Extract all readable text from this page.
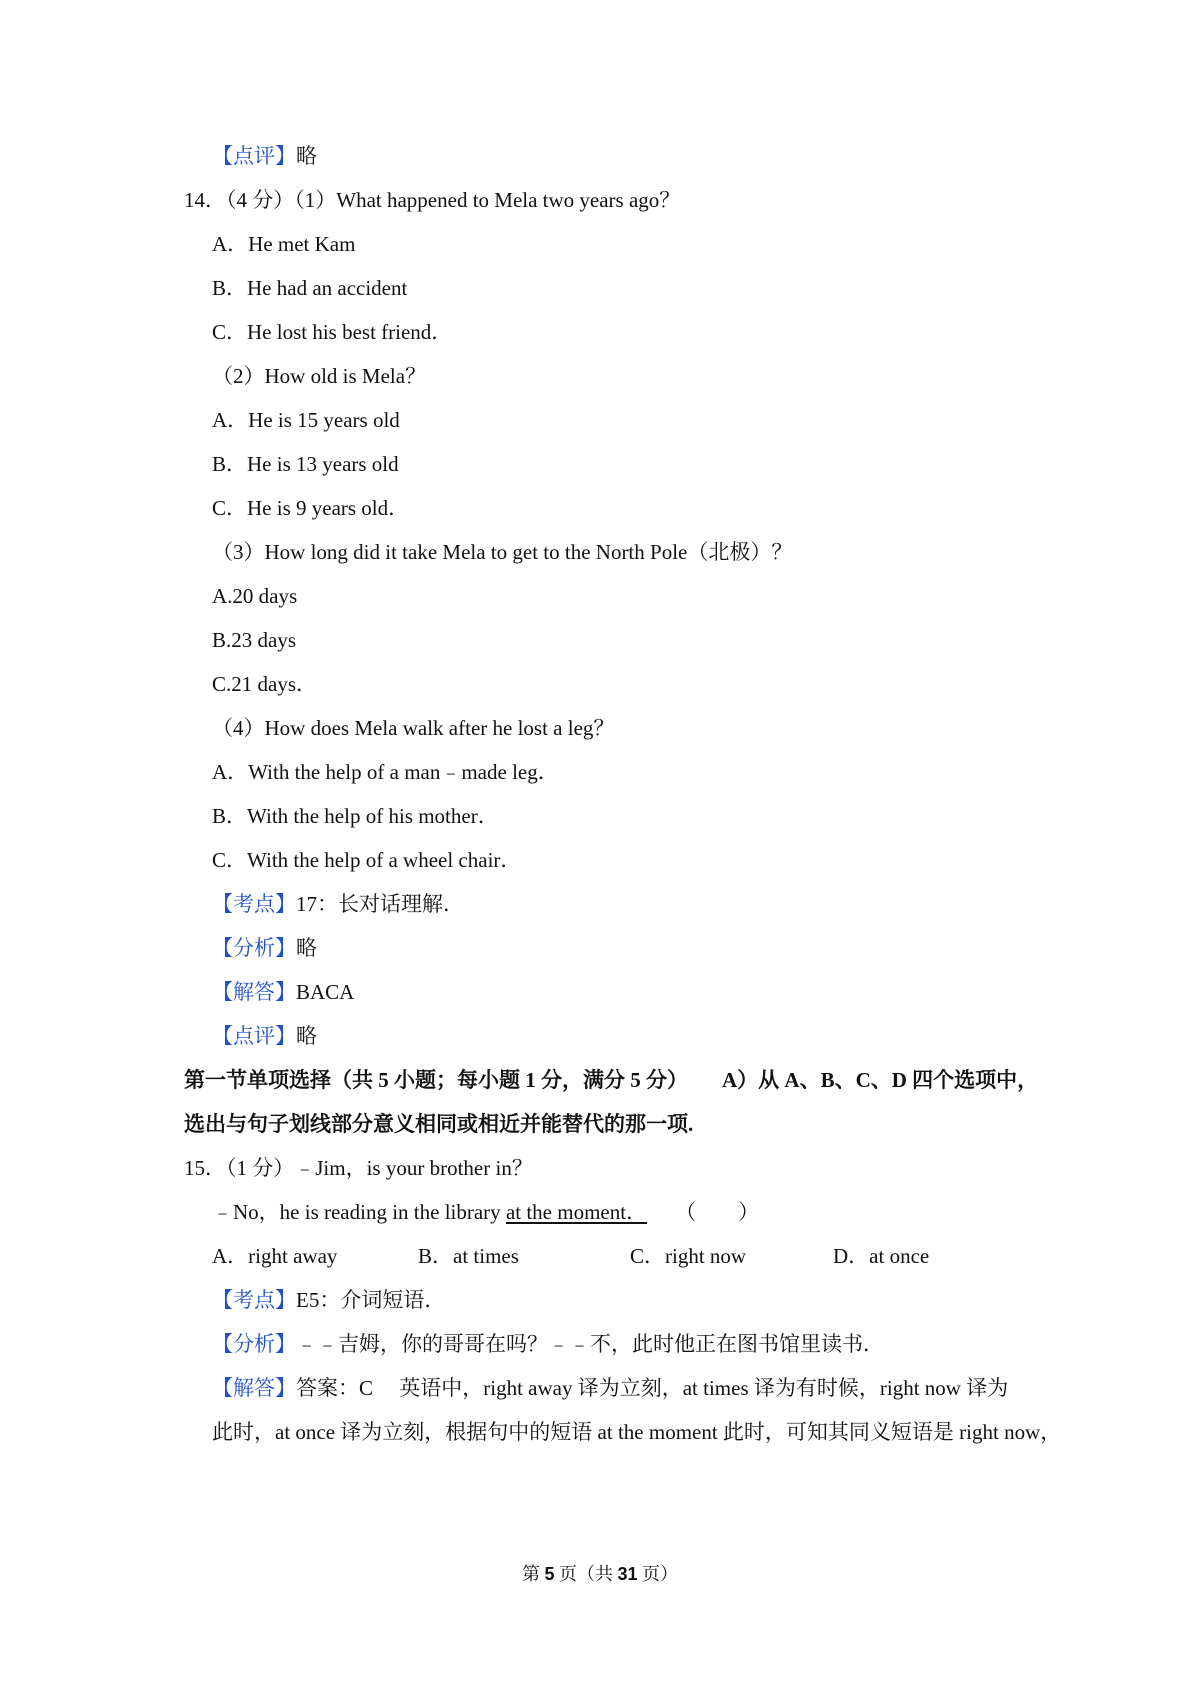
【点评】略
14．（4 分）（1）What happened to Mela two years ago？
A．He met Kam
B．He had an accident
C．He lost his best friend．
（2）How old is Mela？
A．He is 15 years old
B．He is 13 years old
C．He is 9 years old．
（3）How long did it take Mela to get to the North Pole（北极）？
A.20 days
B.23 days
C.21 days．
（4）How does Mela walk after he lost a leg？
A．With the help of a man﹣made leg．
B．With the help of his mother．
C．With the help of a wheel chair．
【考点】17：长对话理解．
【分析】略
【解答】BACA
【点评】略
第一节单项选择（共 5 小题；每小题 1 分，满分 5 分） A）从 A、B、C、D 四个选项中，
选出与句子划线部分意义相同或相近并能替代的那一项.
15．（1 分）﹣Jim，is your brother in？
﹣No，he is reading in the library at the moment． （　　）
A．right away	B．at times	C．right now	D．at once
【考点】E5：介词短语．
【分析】﹣﹣吉姆，你的哥哥在吗？﹣﹣不，此时他正在图书馆里读书．
【解答】答案：C　 英语中，right away 译为立刻，at times 译为有时候，right now 译为
此时，at once 译为立刻，根据句中的短语 at the moment 此时，可知其同义短语是 right now，
第 5 页（共 31 页）
